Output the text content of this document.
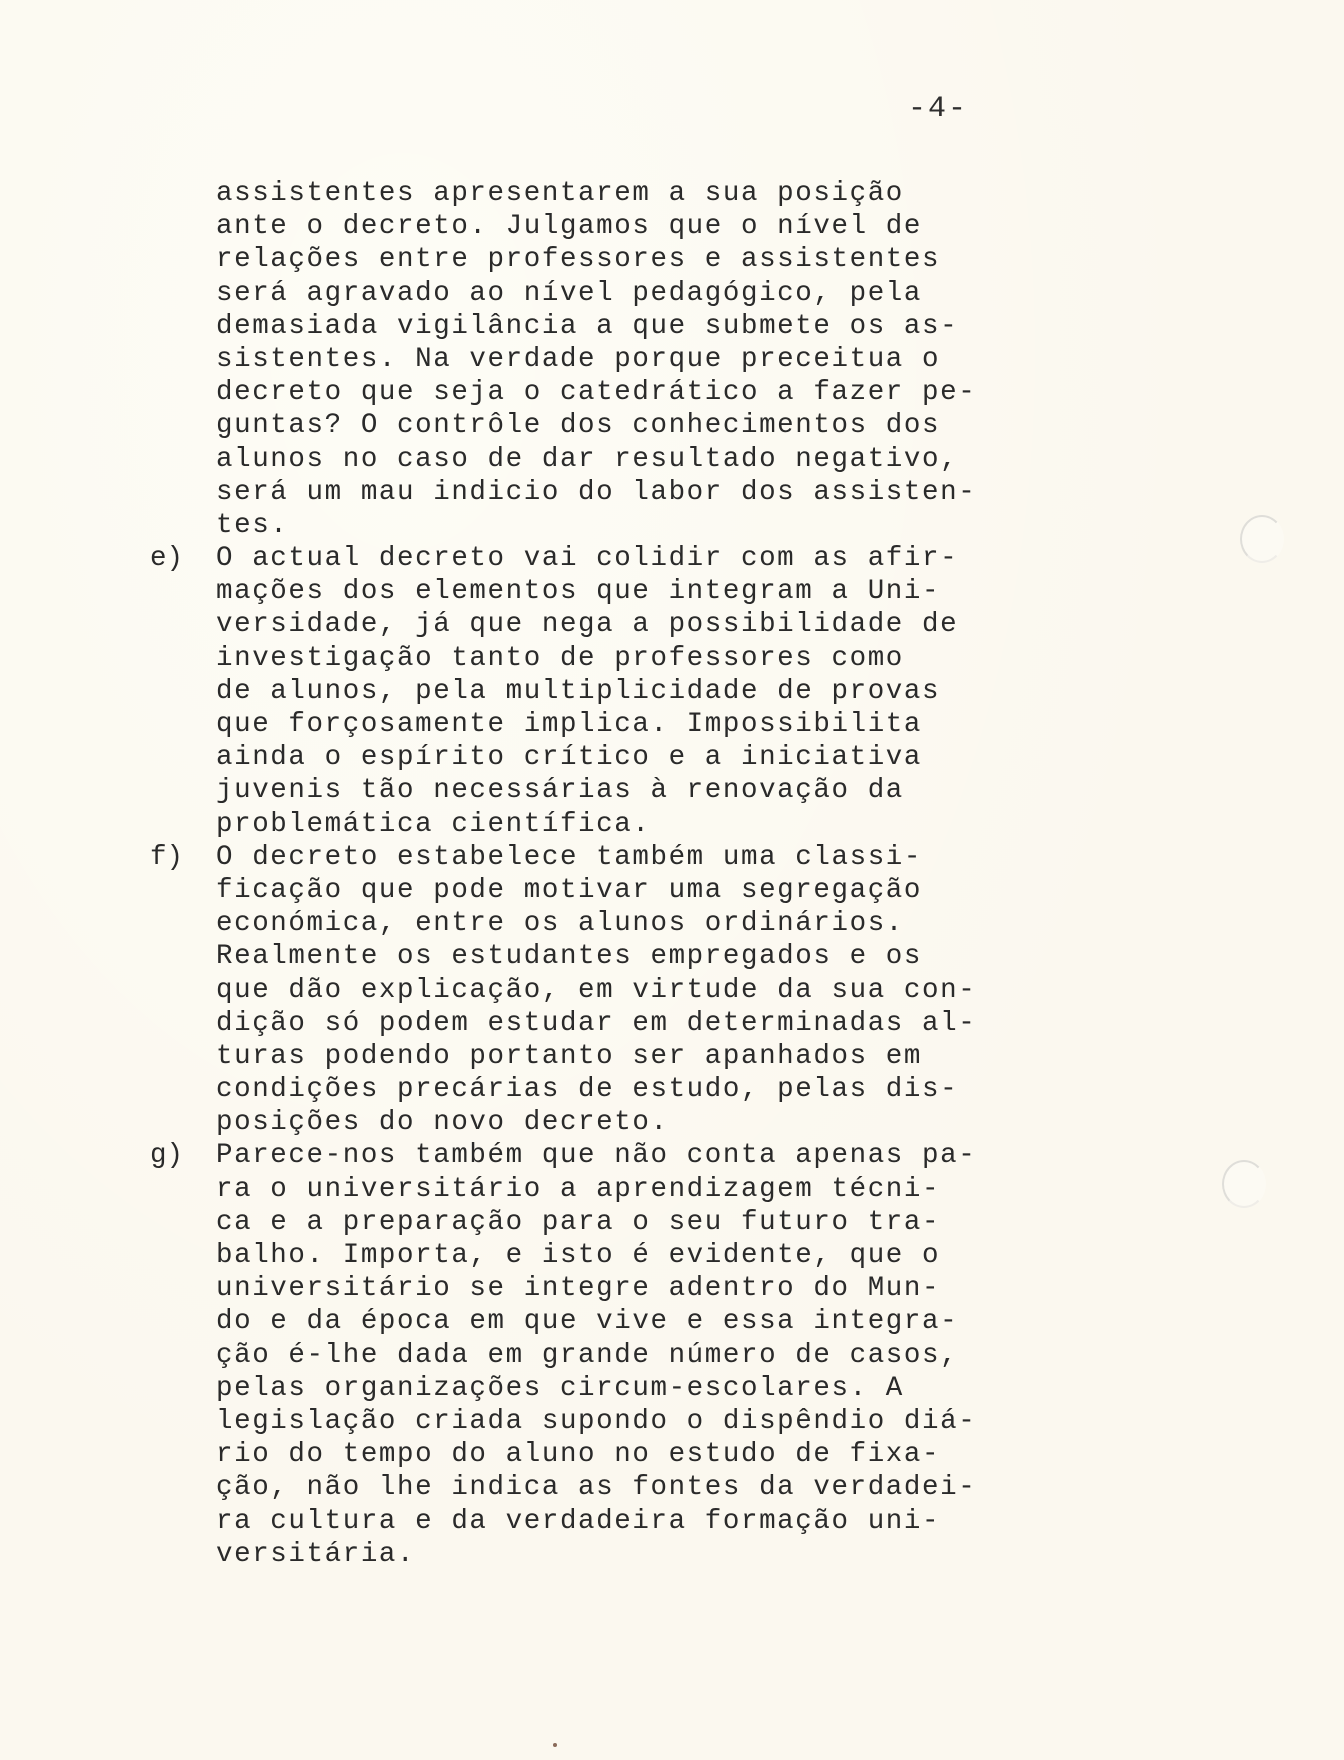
-4-
assistentes apresentarem a sua posição
ante o decreto. Julgamos que o nível de
relações entre professores e assistentes
será agravado ao nível pedagógico, pela
demasiada vigilância a que submete os as-
sistentes. Na verdade porque preceitua o
decreto que seja o catedrático a fazer pe-
guntas? O contrôle dos conhecimentos dos
alunos no caso de dar resultado negativo,
será um mau indicio do labor dos assisten-
tes.
e)	O actual decreto vai colidir com as afir-
mações dos elementos que integram a Uni-
versidade, já que nega a possibilidade de
investigação tanto de professores como
de alunos, pela multiplicidade de provas
que forçosamente implica. Impossibilita
ainda o espírito crítico e a iniciativa
juvenis tão necessárias à renovação da
problemática científica.
f)	O decreto estabelece também uma classi-
ficação que pode motivar uma segregação
económica, entre os alunos ordinários.
Realmente os estudantes empregados e os
que dão explicação, em virtude da sua con-
dição só podem estudar em determinadas al-
turas podendo portanto ser apanhados em
condições precárias de estudo, pelas dis-
posições do novo decreto.
g)	Parece-nos também que não conta apenas pa-
ra o universitário a aprendizagem técni-
ca e a preparação para o seu futuro tra-
balho. Importa, e isto é evidente, que o
universitário se integre adentro do Mun-
do e da época em que vive e essa integra-
ção é-lhe dada em grande número de casos,
pelas organizações circum-escolares. A
legislação criada supondo o dispêndio diá-
rio do tempo do aluno no estudo de fixa-
ção, não lhe indica as fontes da verdadei-
ra cultura e da verdadeira formação uni-
versitária.
